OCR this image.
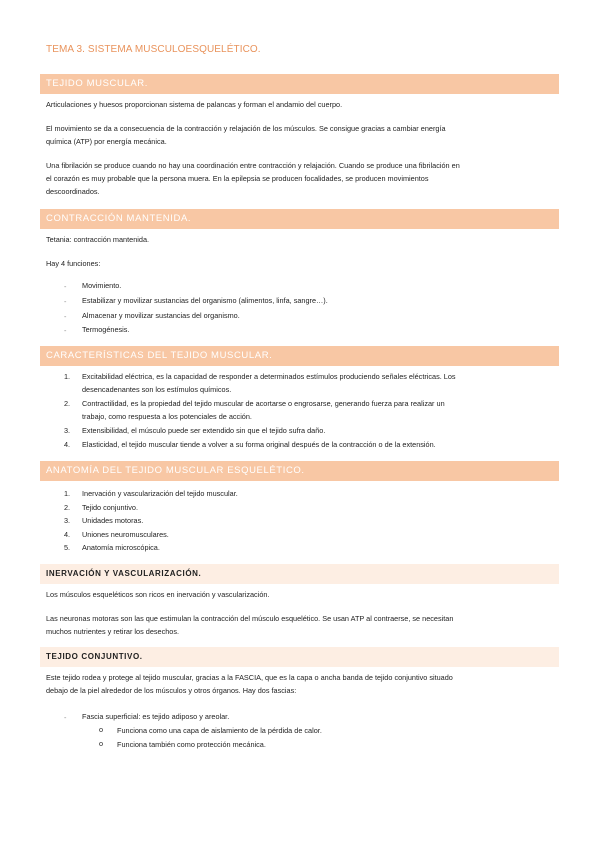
TEMA 3. SISTEMA MUSCULOESQUELÉTICO.
TEJIDO MUSCULAR.
Articulaciones y huesos proporcionan sistema de palancas y forman el andamio del cuerpo.
El movimiento se da a consecuencia de la contracción y relajación de los músculos. Se consigue gracias a cambiar energía
química (ATP) por energía mecánica.
Una fibrilación se produce cuando no hay una coordinación entre contracción y relajación. Cuando se produce una fibrilación en
el corazón es muy probable que la persona muera. En la epilepsia se producen focalidades, se producen movimientos
descoordinados.
CONTRACCIÓN MANTENIDA.
Tetania: contracción mantenida.
Hay 4 funciones:
- Movimiento.
- Estabilizar y movilizar sustancias del organismo (alimentos, linfa, sangre…).
- Almacenar y movilizar sustancias del organismo.
- Termogénesis.
CARACTERÍSTICAS DEL TEJIDO MUSCULAR.
1. Excitabilidad eléctrica, es la capacidad de responder a determinados estímulos produciendo señales eléctricas. Los
desencadenantes son los estímulos químicos.
2. Contractilidad, es la propiedad del tejido muscular de acortarse o engrosarse, generando fuerza para realizar un
trabajo, como respuesta a los potenciales de acción.
3. Extensibilidad, el músculo puede ser extendido sin que el tejido sufra daño.
4. Elasticidad, el tejido muscular tiende a volver a su forma original después de la contracción o de la extensión.
ANATOMÍA DEL TEJIDO MUSCULAR ESQUELÉTICO.
1. Inervación y vascularización del tejido muscular.
2. Tejido conjuntivo.
3. Unidades motoras.
4. Uniones neuromusculares.
5. Anatomía microscópica.
INERVACIÓN Y VASCULARIZACIÓN.
Los músculos esqueléticos son ricos en inervación y vascularización.
Las neuronas motoras son las que estimulan la contracción del músculo esquelético. Se usan ATP al contraerse, se necesitan
muchos nutrientes y retirar los desechos.
TEJIDO CONJUNTIVO.
Este tejido rodea y protege al tejido muscular, gracias a la FASCIA, que es la capa o ancha banda de tejido conjuntivo situado
debajo de la piel alrededor de los músculos y otros órganos. Hay dos fascias:
- Fascia superficial: es tejido adiposo y areolar.
o Funciona como una capa de aislamiento de la pérdida de calor.
o Funciona también como protección mecánica.
